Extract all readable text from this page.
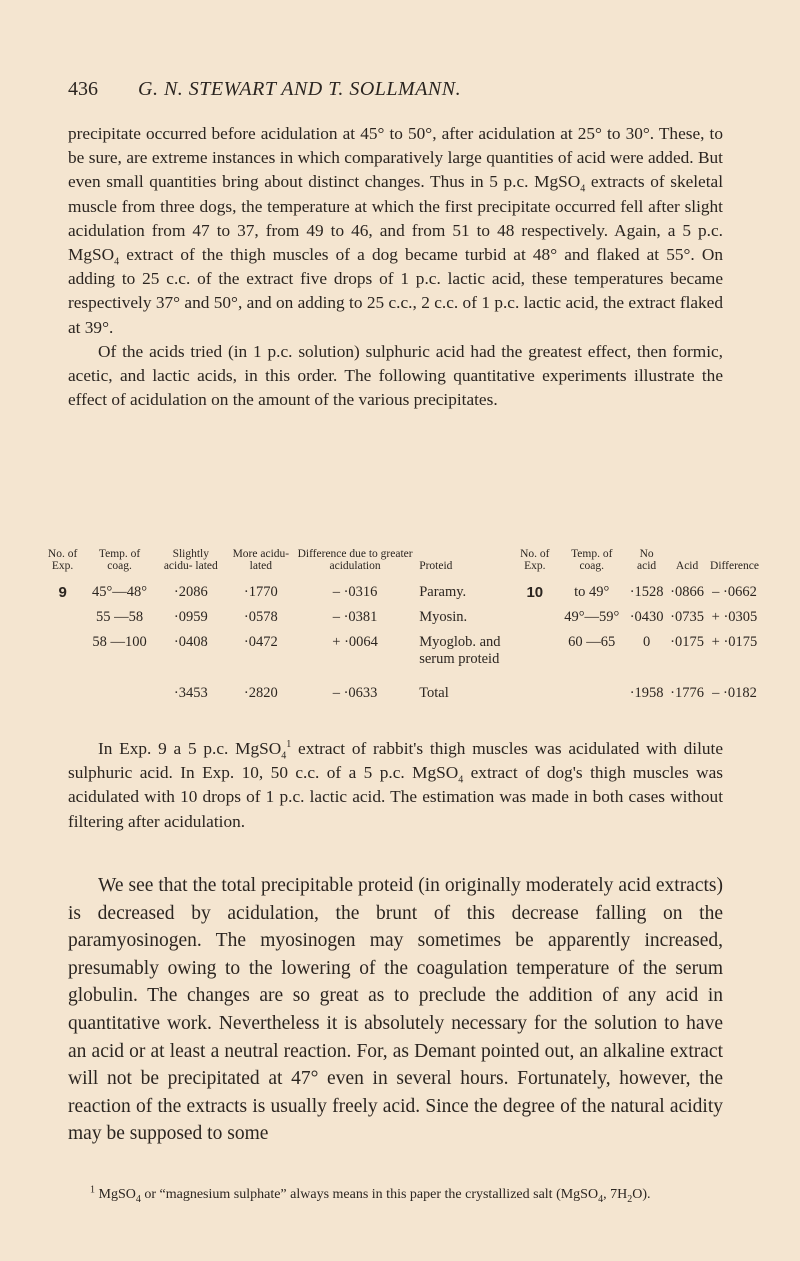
436	G. N. STEWART AND T. SOLLMANN.

precipitate occurred before acidulation at 45° to 50°, after acidulation at 25° to 30°. These, to be sure, are extreme instances in which comparatively large quantities of acid were added. But even small quantities bring about distinct changes. Thus in 5 p.c. MgSO$_4$ extracts of skeletal muscle from three dogs, the temperature at which the first precipitate occurred fell after slight acidulation from 47 to 37, from 49 to 46, and from 51 to 48 respectively. Again, a 5 p.c. MgSO$_4$ extract of the thigh muscles of a dog became turbid at 48° and flaked at 55°. On adding to 25 c.c. of the extract five drops of 1 p.c. lactic acid, these temperatures became respectively 37° and 50°, and on adding to 25 c.c., 2 c.c. of 1 p.c. lactic acid, the extract flaked at 39°.

Of the acids tried (in 1 p.c. solution) sulphuric acid had the greatest effect, then formic, acetic, and lactic acids, in this order. The following quantitative experiments illustrate the effect of acidulation on the amount of the various precipitates.

No. of Exp.	Temp. of coag.	Slightly acidu- lated	More acidu- lated	Difference due to greater acidulation	Proteid	No. of Exp.	Temp. of coag.	No acid	Acid	Difference
9	45°—48°	·2086	·1770	– ·0316	Paramy.	10	to 49°	·1528	·0866	– ·0662
	55 —58	·0959	·0578	– ·0381	Myosin.		49°—59°	·0430	·0735	+ ·0305
	58 —100	·0408	·0472	+ ·0064	Myoglob. and serum proteid		60 —65	0	·0175	+ ·0175
		·3453	·2820	– ·0633	Total			·1958	·1776	– ·0182

In Exp. 9 a 5 p.c. MgSO$_4^1$ extract of rabbit's thigh muscles was acidulated with dilute sulphuric acid. In Exp. 10, 50 c.c. of a 5 p.c. MgSO$_4$ extract of dog's thigh muscles was acidulated with 10 drops of 1 p.c. lactic acid. The estimation was made in both cases without filtering after acidulation.

We see that the total precipitable proteid (in originally moderately acid extracts) is decreased by acidulation, the brunt of this decrease falling on the paramyosinogen. The myosinogen may sometimes be apparently increased, presumably owing to the lowering of the coagulation temperature of the serum globulin. The changes are so great as to preclude the addition of any acid in quantitative work. Nevertheless it is absolutely necessary for the solution to have an acid or at least a neutral reaction. For, as Demant pointed out, an alkaline extract will not be precipitated at 47° even in several hours. Fortunately, however, the reaction of the extracts is usually freely acid. Since the degree of the natural acidity may be supposed to some

$^1$ MgSO$_4$ or “magnesium sulphate” always means in this paper the crystallized salt (MgSO$_4$, $7H_2O$).
